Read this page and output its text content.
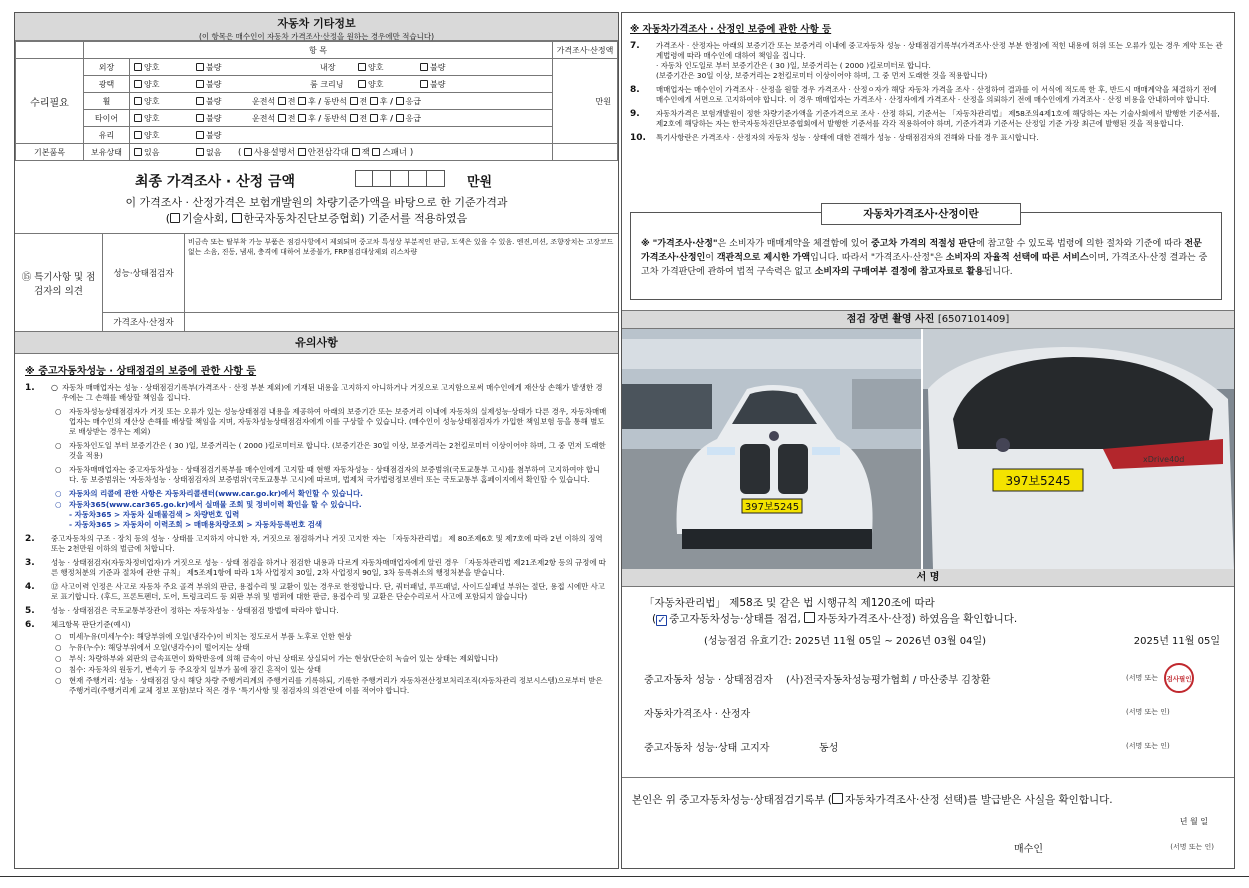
자동차 기타정보
(이 항목은 매수인이 자동차 가격조사·산정을 원하는 경우에만 적습니다)
	항 목		가격조사·산정액
수리필요	외장	양호 불량 내장 양호 불량	만원
	광택	양호 불량 룸 크리닝 양호 불량	

	휠	양호 불량 운전석 전 후 / 동반석 전 후 / 응급	

	타이어	양호 불량 운전석 전 후 / 동반석 전 후 / 응급	

	유리	양호 불량	

기본품목	보유상태	있음 없음 ( 사용설명서 안전삼각대 잭 스패너 )	

최종 가격조사 · 산정 금액	만원
이 가격조사 · 산정가격은 보험개발원의 차량기준가액을 바탕으로 한 기준가격과
( 기술사회, 한국자동차진단보증협회) 기준서를 적용하였음
⑮ 특기사항 및 점검자의 의견
성능·상태점검자
비금속 또는 탈부착 가능 부품은 점검사항에서 제외되며 중고차 특성상 부분적인 판금, 도색은 있을 수 있음. 엔진,미션, 조향장치는 고장코드없는 소음, 진동, 냄새, 충격에 대하여 보증불가, FRP점검대상제외 리스차량
가격조사·산정자
유의사항
※ 중고자동차성능 · 상태점검의 보증에 관한 사항 등
1.	○ 자동차 매매업자는 성능 · 상태점검기록부(가격조사 · 산정 부분 제외)에 기재된 내용을 고지하지 아니하거나 거짓으로 고지함으로써 매수인에게 재산상 손해가 발생한 경우에는 그 손해를 배상할 책임을 집니다.
○	자동차성능상태점검자가 거짓 또는 오류가 있는 성능상태점검 내용을 제공하여 아래의 보증기간 또는 보증거리 이내에 자동차의 실제성능·상태가 다른 경우, 자동차매매업자는 매수인의 재산상 손해를 배상할 책임을 지며, 자동차성능상태점검자에게 이를 구상할 수 있습니다. (매수인이 성능상태점검자가 가입한 책임보험 등을 통해 별도로 배상받는 경우는 제외)
○	자동차인도일 부터 보증기간은 ( 30 )일, 보증거리는 ( 2000 )킬로미터로 합니다. (보증기간은 30일 이상, 보증거리는 2천킬로미터 이상이어야 하며, 그 중 먼저 도래한 것을 적용)
○	자동차매매업자는 중고자동차성능 · 상태점검기록부를 매수인에게 고지할 때 현행 자동차성능 · 상태점검자의 보증범위(국토교통부 고시)를 첨부하여 고지하여야 합니다. 동 보증범위는 '자동차성능 · 상태점검자의 보증범위'(국토교통부 고시)에 따르며, 법제처 국가법령정보센터 또는 국토교통부 홈페이지에서 확인할 수 있습니다.
○	자동차의 리콜에 관한 사항은 자동차리콜센터(www.car.go.kr)에서 확인할 수 있습니다.
○	자동차365(www.car365.go.kr)에서 실매물 조회 및 정비이력 확인을 할 수 있습니다.
- 자동차365 > 자동차 실매물검색 > 차량번호 입력
- 자동차365 > 자동차이 이력조회 > 매매용차량조회 > 자동차등록번호 검색
2.	중고자동차의 구조 · 장치 등의 성능 · 상태를 고지하지 아니한 자, 거짓으로 점검하거나 거짓 고지한 자는 「자동차관리법」 제 80조제6호 및 제7호에 따라 2년 이하의 징역 또는 2천만원 이하의 벌금에 처합니다.
3.	성능 · 상태점검자(자동차정비업자)가 거짓으로 성능 · 상태 점검을 하거나 점검한 내용과 다르게 자동차매매업자에게 알린 경우 「자동차관리법 제21조제2항 등의 규정에 따른 행정처분의 기준과 절차에 관한 규칙」 제5조제1항에 따라 1차 사업정지 30일, 2차 사업정지 90일, 3차 등록취소의 행정처분을 받습니다.
4.	⑫ 사고이력 인정은 사고로 자동차 주요 골격 부위의 판금, 용접수리 및 교환이 있는 경우로 한정합니다. 단, 쿼터패널, 루프패널, 사이드실패널 부위는 절단, 용접 시에만 사고로 표기합니다. (후드, 프론트펜더, 도어, 트렁크리드 등 외판 부위 및 범퍼에 대한 판금, 용접수리 및 교환은 단순수리로서 사고에 포함되지 않습니다)
5.	성능 · 상태점검은 국토교통부장관이 정하는 자동차성능 · 상태점검 방법에 따라야 합니다.
6.	체크항목 판단기준(예시)
○	미세누유(미세누수): 해당부위에 오일(냉각수)이 비치는 정도로서 부품 노후로 인한 현상
○	누유(누수): 해당부위에서 오일(냉각수)이 떨어지는 상태
○	부식: 차량하부와 외판의 금속표면이 화학반응에 의해 금속이 아닌 상태로 상실되어 가는 현상(단순히 녹슬어 있는 상태는 제외합니다)
○	침수: 자동차의 원동기, 변속기 등 주요장치 일부가 물에 잠긴 흔적이 있는 상태
○	현재 주행거리: 성능 · 상태점검 당시 해당 차량 주행거리계의 주행거리를 기록하되, 기록한 주행거리가 자동차전산정보처리조직(자동차관리 정보시스템)으로부터 받은 주행거리(주행거리계 교체 정보 포함)보다 적은 경우 '특기사항 및 점검자의 의견'란에 이를 적어야 합니다.
※ 자동차가격조사 · 산정인 보증에 관한 사항 등
7.	가격조사 · 산정자는 아래의 보증기간 또는 보증거리 이내에 중고자동차 성능 · 상태점검기록부(가격조사·산정 부분 한정)에 적힌 내용에 허위 또는 오류가 있는 경우 계약 또는 관계법령에 따라 매수인에 대하여 책임을 집니다.
· 자동차 인도일로 부터 보증기간은 ( 30 )일, 보증거리는 ( 2000 )킬로미터로 합니다.
(보증기간은 30일 이상, 보증거리는 2천킬로미터 이상이어야 하며, 그 중 먼저 도래한 것을 적용합니다)
8.	매매업자는 매수인이 가격조사 · 산정을 원할 경우 가격조사 · 산정ㅇ자가 해당 자동차 가격을 조사 · 산정하여 결과를 이 서식에 적도록 한 후, 반드시 매매계약을 체결하기 전에 매수인에게 서면으로 고지하여야 합니다. 이 경우 매매업자는 가격조사 · 산정자에게 가격조사 · 산정을 의뢰하기 전에 매수인에게 가격조사 · 산정 비용을 안내하여야 합니다.
9.	자동차가격은 보험개발원이 정한 차량기준가액을 기준가격으로 조사 · 산정 하되, 기준서는 「자동차관리법」 제58조의4제1호에 해당하는 자는 기술사회에서 발행한 기준서를, 제2호에 해당하는 자는 한국자동차진단보증협회에서 발행한 기준서를 각각 적용하여야 하며, 기준가격과 기준서는 산정일 기준 가장 최근에 발행된 것을 적용합니다.
10.	특기사항란은 가격조사 · 산정자의 자동차 성능 · 상태에 대한 견해가 성능 · 상태점검자의 견해와 다를 경우 표시합니다.
자동차가격조사·산정이란
※ "가격조사·산정"은 소비자가 매매계약을 체결함에 있어 중고차 가격의 적절성 판단에 참고할 수 있도록 법령에 의한 절차와 기준에 따라 전문 가격조사·산정인이 객관적으로 제시한 가액입니다. 따라서 "가격조사·산정"은 소비자의 자율적 선택에 따른 서비스이며, 가격조사·산정 결과는 중고차 가격판단에 관하여 법적 구속력은 없고 소비자의 구매여부 결정에 참고자료로 활용됩니다.
점검 장면 촬영 사진 [6507101409]
397보5245
xDrive40d
397보5245
서 명
「자동차관리법」 제58조 및 같은 법 시행규칙 제120조에 따라
(✓ 중고자동차성능·상태를 점검, 자동차가격조사·산정) 하였음을 확인합니다.
(성능점검 유효기간: 2025년 11월 05일 ~ 2026년 03월 04일)	2025년 11월 05일
중고자동차 성능 · 상태점검자	(사)전국자동차성능평가협회 / 마산중부 김창환	(서명 또는	검사필인
자동차가격조사 · 산정자	(서명 또는 인)
중고자동차 성능·상태 고지자	동성	(서명 또는 인)
본인은 위 중고자동차성능·상태점검기록부 ( 자동차가격조사·산정 선택)를 발급받은 사실을 확인합니다.
년 월 일
매수인	(서명 또는 인)
